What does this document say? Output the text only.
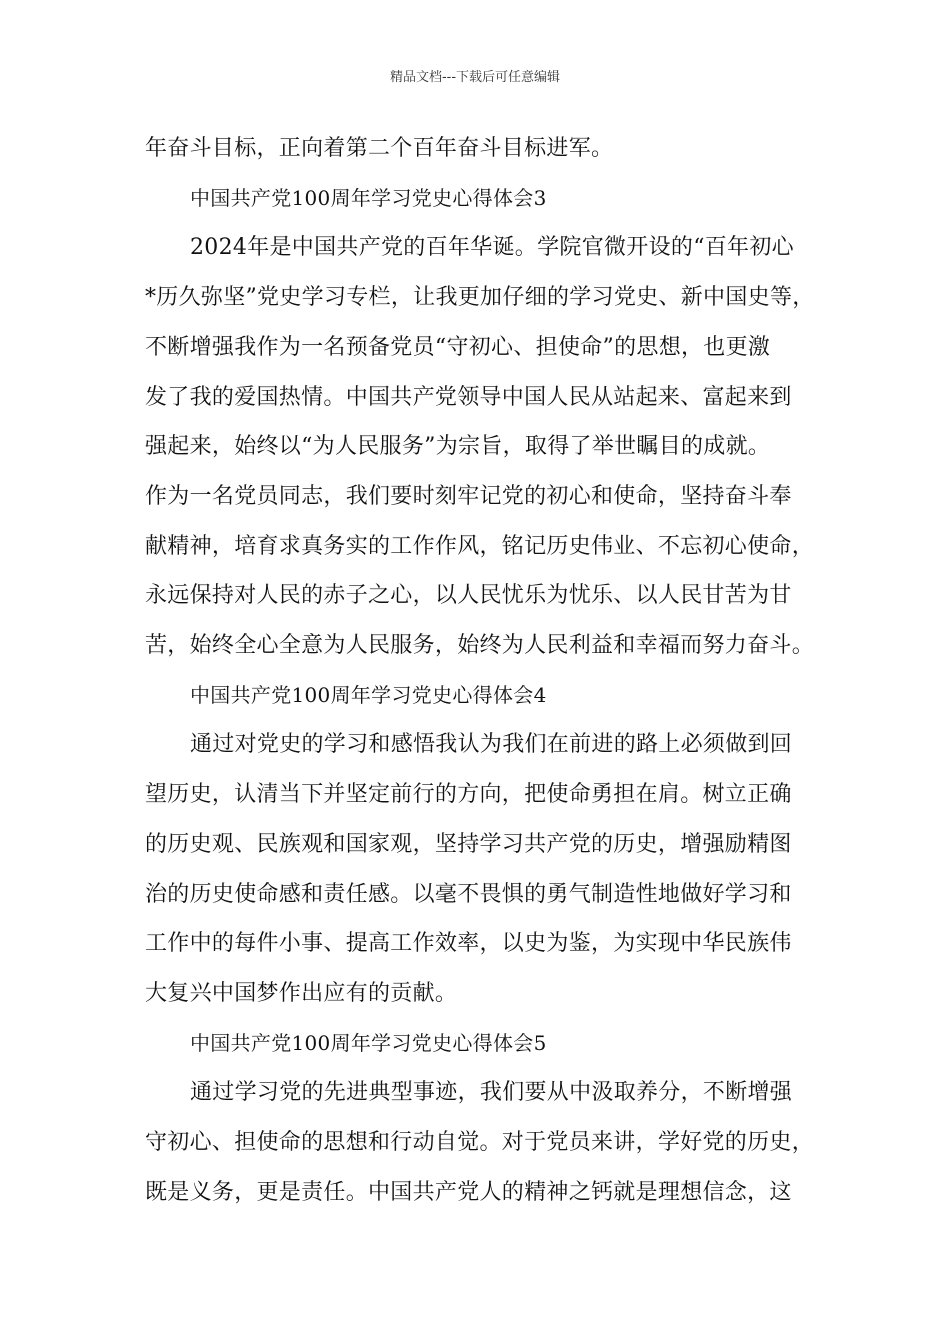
精品文档---下载后可任意编辑
年奋斗目标，正向着第二个百年奋斗目标进军。
中国共产党100周年学习党史心得体会3
2024年是中国共产党的百年华诞。学院官微开设的“百年初心
*历久弥坚”党史学习专栏，让我更加仔细的学习党史、新中国史等，
不断增强我作为一名预备党员“守初心、担使命”的思想，也更激
发了我的爱国热情。中国共产党领导中国人民从站起来、富起来到
强起来，始终以“为人民服务”为宗旨，取得了举世瞩目的成就。
作为一名党员同志，我们要时刻牢记党的初心和使命，坚持奋斗奉
献精神，培育求真务实的工作作风，铭记历史伟业、不忘初心使命，
永远保持对人民的赤子之心，以人民忧乐为忧乐、以人民甘苦为甘
苦，始终全心全意为人民服务，始终为人民利益和幸福而努力奋斗。
中国共产党100周年学习党史心得体会4
通过对党史的学习和感悟我认为我们在前进的路上必须做到回
望历史，认清当下并坚定前行的方向，把使命勇担在肩。树立正确
的历史观、民族观和国家观，坚持学习共产党的历史，增强励精图
治的历史使命感和责任感。以毫不畏惧的勇气制造性地做好学习和
工作中的每件小事、提高工作效率，以史为鉴，为实现中华民族伟
大复兴中国梦作出应有的贡献。
中国共产党100周年学习党史心得体会5
通过学习党的先进典型事迹，我们要从中汲取养分，不断增强
守初心、担使命的思想和行动自觉。对于党员来讲，学好党的历史，
既是义务，更是责任。中国共产党人的精神之钙就是理想信念，这
